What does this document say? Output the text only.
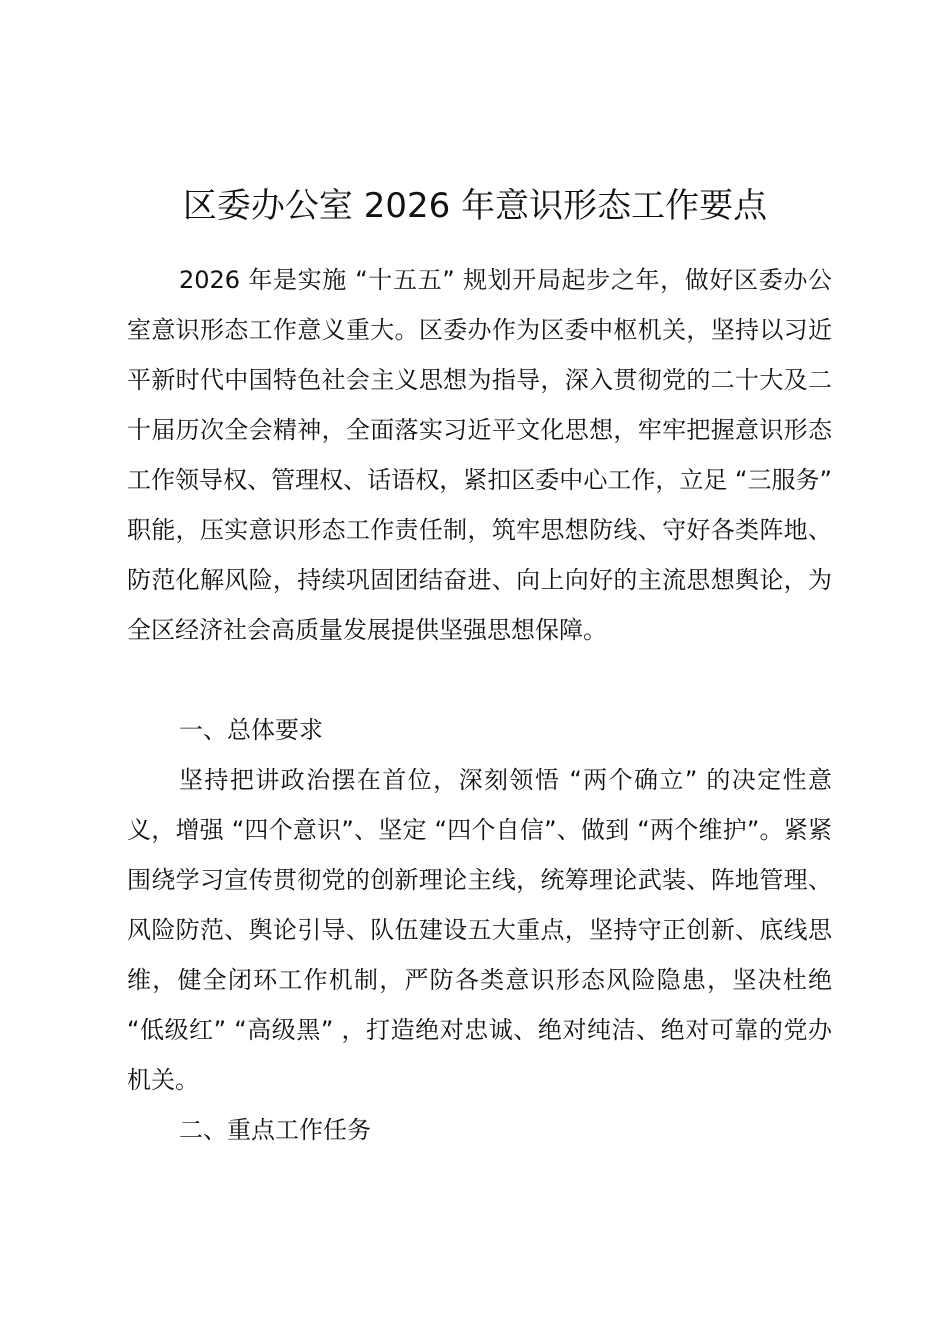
区委办公室 2026 年意识形态工作要点

2026 年是实施 “十五五” 规划开局起步之年，做好区委办公室意识形态工作意义重大。区委办作为区委中枢机关，坚持以习近平新时代中国特色社会主义思想为指导，深入贯彻党的二十大及二十届历次全会精神，全面落实习近平文化思想，牢牢把握意识形态工作领导权、管理权、话语权，紧扣区委中心工作，立足 “三服务” 职能，压实意识形态工作责任制，筑牢思想防线、守好各类阵地、防范化解风险，持续巩固团结奋进、向上向好的主流思想舆论，为全区经济社会高质量发展提供坚强思想保障。

一、总体要求

坚持把讲政治摆在首位，深刻领悟 “两个确立” 的决定性意义，增强 “四个意识”、坚定 “四个自信”、做到 “两个维护”。紧紧围绕学习宣传贯彻党的创新理论主线，统筹理论武装、阵地管理、风险防范、舆论引导、队伍建设五大重点，坚持守正创新、底线思维，健全闭环工作机制，严防各类意识形态风险隐患，坚决杜绝 “低级红” “高级黑” ，打造绝对忠诚、绝对纯洁、绝对可靠的党办机关。

二、重点工作任务
